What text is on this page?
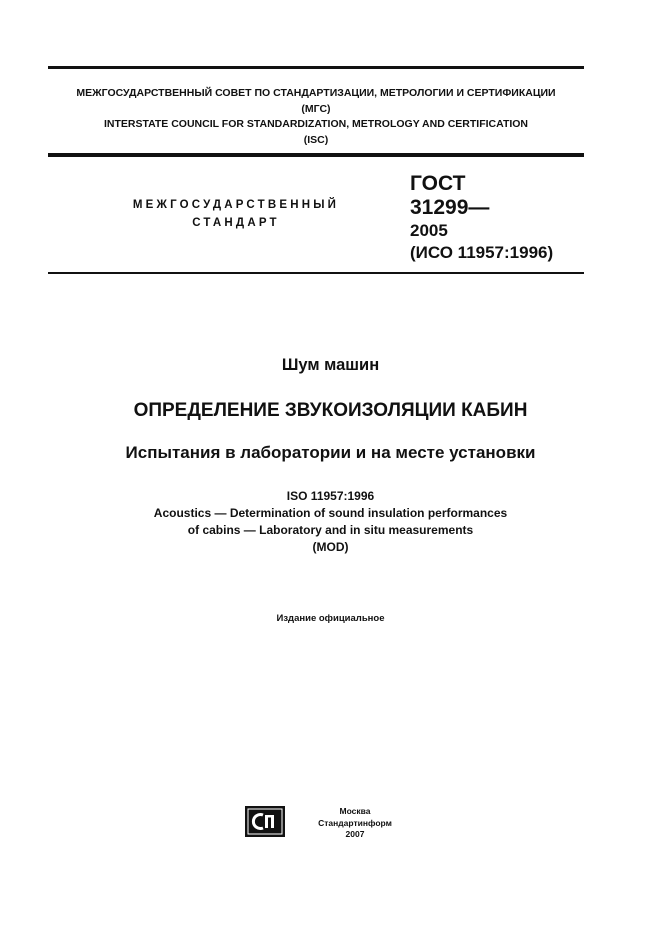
МЕЖГОСУДАРСТВЕННЫЙ СОВЕТ ПО СТАНДАРТИЗАЦИИ, МЕТРОЛОГИИ И СЕРТИФИКАЦИИ
(МГС)
INTERSTATE COUNCIL FOR STANDARDIZATION, METROLOGY AND CERTIFICATION
(ISC)
МЕЖГОСУДАРСТВЕННЫЙ
СТАНДАРТ
ГОСТ
31299—
2005
(ИСО 11957:1996)
Шум машин
ОПРЕДЕЛЕНИЕ ЗВУКОИЗОЛЯЦИИ КАБИН
Испытания в лаборатории и на месте установки
ISO 11957:1996
Acoustics — Determination of sound insulation performances
of cabins — Laboratory and in situ measurements
(MOD)
Издание официальное
Москва
Стандартинформ
2007
